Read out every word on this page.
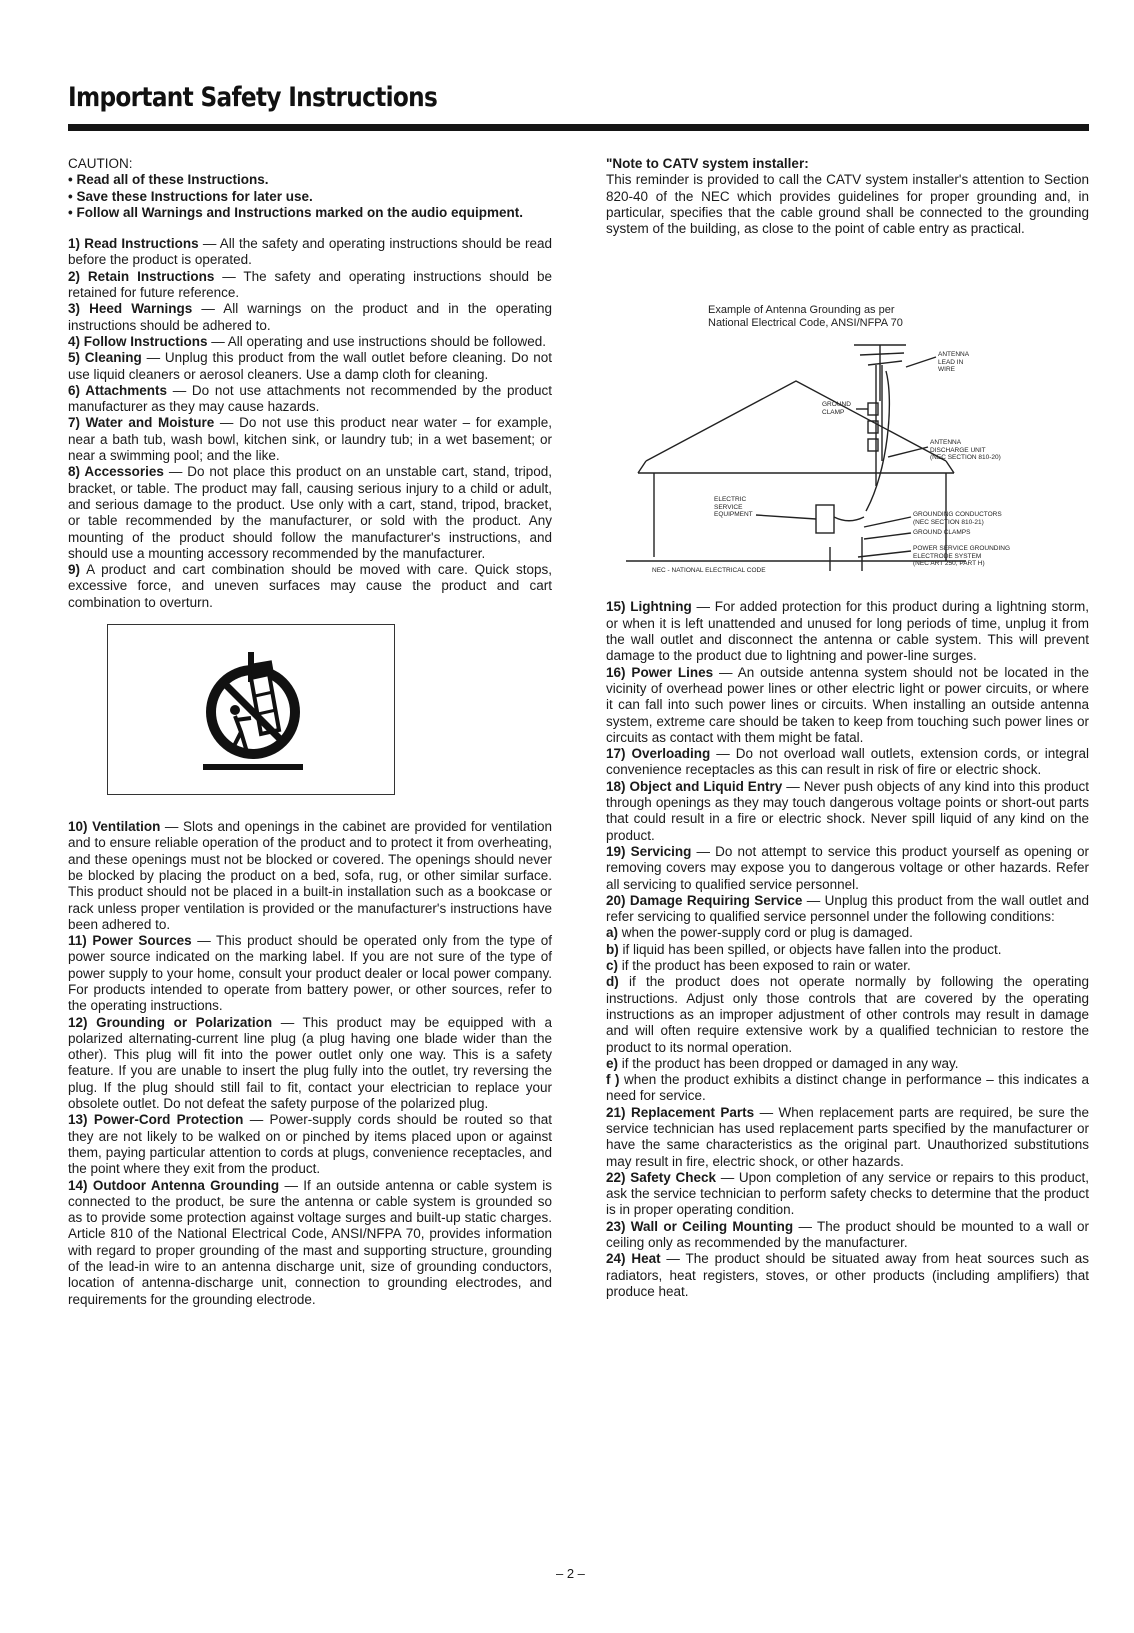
Important Safety Instructions

CAUTION:

• Read all of these Instructions.

• Save these Instructions for later use.

• Follow all Warnings and Instructions marked on the audio equipment.

1) Read Instructions — All the safety and operating instructions should be read before the product is operated.

2) Retain Instructions — The safety and operating instructions should be retained for future reference.

3) Heed Warnings — All warnings on the product and in the operating instructions should be adhered to.

4) Follow Instructions — All operating and use instructions should be followed.

5) Cleaning — Unplug this product from the wall outlet before cleaning. Do not use liquid cleaners or aerosol cleaners. Use a damp cloth for cleaning.

6) Attachments — Do not use attachments not recommended by the product manufacturer as they may cause hazards.

7) Water and Moisture — Do not use this product near water – for example, near a bath tub, wash bowl, kitchen sink, or laundry tub; in a wet basement; or near a swimming pool; and the like.

8) Accessories — Do not place this product on an unstable cart, stand, tripod, bracket, or table. The product may fall, causing serious injury to a child or adult, and serious damage to the product. Use only with a cart, stand, tripod, bracket, or table recommended by the manufacturer, or sold with the product. Any mounting of the product should follow the manufacturer's instructions, and should use a mounting accessory recommended by the manufacturer.

9) A product and cart combination should be moved with care. Quick stops, excessive force, and uneven surfaces may cause the product and cart combination to overturn.

10) Ventilation — Slots and openings in the cabinet are provided for ventilation and to ensure reliable operation of the product and to protect it from overheating, and these openings must not be blocked or covered. The openings should never be blocked by placing the product on a bed, sofa, rug, or other similar surface. This product should not be placed in a built-in installation such as a bookcase or rack unless proper ventilation is provided or the manufacturer's instructions have been adhered to.

11) Power Sources — This product should be operated only from the type of power source indicated on the marking label. If you are not sure of the type of power supply to your home, consult your product dealer or local power company. For products intended to operate from battery power, or other sources, refer to the operating instructions.

12) Grounding or Polarization — This product may be equipped with a polarized alternating-current line plug (a plug having one blade wider than the other). This plug will fit into the power outlet only one way. This is a safety feature. If you are unable to insert the plug fully into the outlet, try reversing the plug. If the plug should still fail to fit, contact your electrician to replace your obsolete outlet. Do not defeat the safety purpose of the polarized plug.

13) Power-Cord Protection — Power-supply cords should be routed so that they are not likely to be walked on or pinched by items placed upon or against them, paying particular attention to cords at plugs, convenience receptacles, and the point where they exit from the product.

14) Outdoor Antenna Grounding — If an outside antenna or cable system is connected to the product, be sure the antenna or cable system is grounded so as to provide some protection against voltage surges and built-up static charges. Article 810 of the National Electrical Code, ANSI/NFPA 70, provides information with regard to proper grounding of the mast and supporting structure, grounding of the lead-in wire to an antenna discharge unit, size of grounding conductors, location of antenna-discharge unit, connection to grounding electrodes, and requirements for the grounding electrode.

"Note to CATV system installer:

This reminder is provided to call the CATV system installer's attention to Section 820-40 of the NEC which provides guidelines for proper grounding and, in particular, specifies that the cable ground shall be connected to the grounding system of the building, as close to the point of cable entry as practical.

Example of Antenna Grounding as per
National Electrical Code, ANSI/NFPA 70
ANTENNA
LEAD IN
WIRE
GROUND
CLAMP
ANTENNA
DISCHARGE UNIT
(NEC SECTION 810-20)
ELECTRIC
SERVICE
EQUIPMENT	GROUNDING CONDUCTORS
(NEC SECTION 810-21)
GROUND CLAMPS
POWER SERVICE GROUNDING
ELECTRODE SYSTEM
(NEC ART 250, PART H)
NEC - NATIONAL ELECTRICAL CODE

15) Lightning — For added protection for this product during a lightning storm, or when it is left unattended and unused for long periods of time, unplug it from the wall outlet and disconnect the antenna or cable system. This will prevent damage to the product due to lightning and power-line surges.

16) Power Lines — An outside antenna system should not be located in the vicinity of overhead power lines or other electric light or power circuits, or where it can fall into such power lines or circuits. When installing an outside antenna system, extreme care should be taken to keep from touching such power lines or circuits as contact with them might be fatal.

17) Overloading — Do not overload wall outlets, extension cords, or integral convenience receptacles as this can result in risk of fire or electric shock.

18) Object and Liquid Entry — Never push objects of any kind into this product through openings as they may touch dangerous voltage points or short-out parts that could result in a fire or electric shock. Never spill liquid of any kind on the product.

19) Servicing — Do not attempt to service this product yourself as opening or removing covers may expose you to dangerous voltage or other hazards. Refer all servicing to qualified service personnel.

20) Damage Requiring Service — Unplug this product from the wall outlet and refer servicing to qualified service personnel under the following conditions:

a) when the power-supply cord or plug is damaged.

b) if liquid has been spilled, or objects have fallen into the product.

c) if the product has been exposed to rain or water.

d) if the product does not operate normally by following the operating instructions. Adjust only those controls that are covered by the operating instructions as an improper adjustment of other controls may result in damage and will often require extensive work by a qualified technician to restore the product to its normal operation.

e) if the product has been dropped or damaged in any way.

f ) when the product exhibits a distinct change in performance – this indicates a need for service.

21) Replacement Parts — When replacement parts are required, be sure the service technician has used replacement parts specified by the manufacturer or have the same characteristics as the original part. Unauthorized substitutions may result in fire, electric shock, or other hazards.

22) Safety Check — Upon completion of any service or repairs to this product, ask the service technician to perform safety checks to determine that the product is in proper operating condition.

23) Wall or Ceiling Mounting — The product should be mounted to a wall or ceiling only as recommended by the manufacturer.

24) Heat — The product should be situated away from heat sources such as radiators, heat registers, stoves, or other products (including amplifiers) that produce heat.

– 2 –
